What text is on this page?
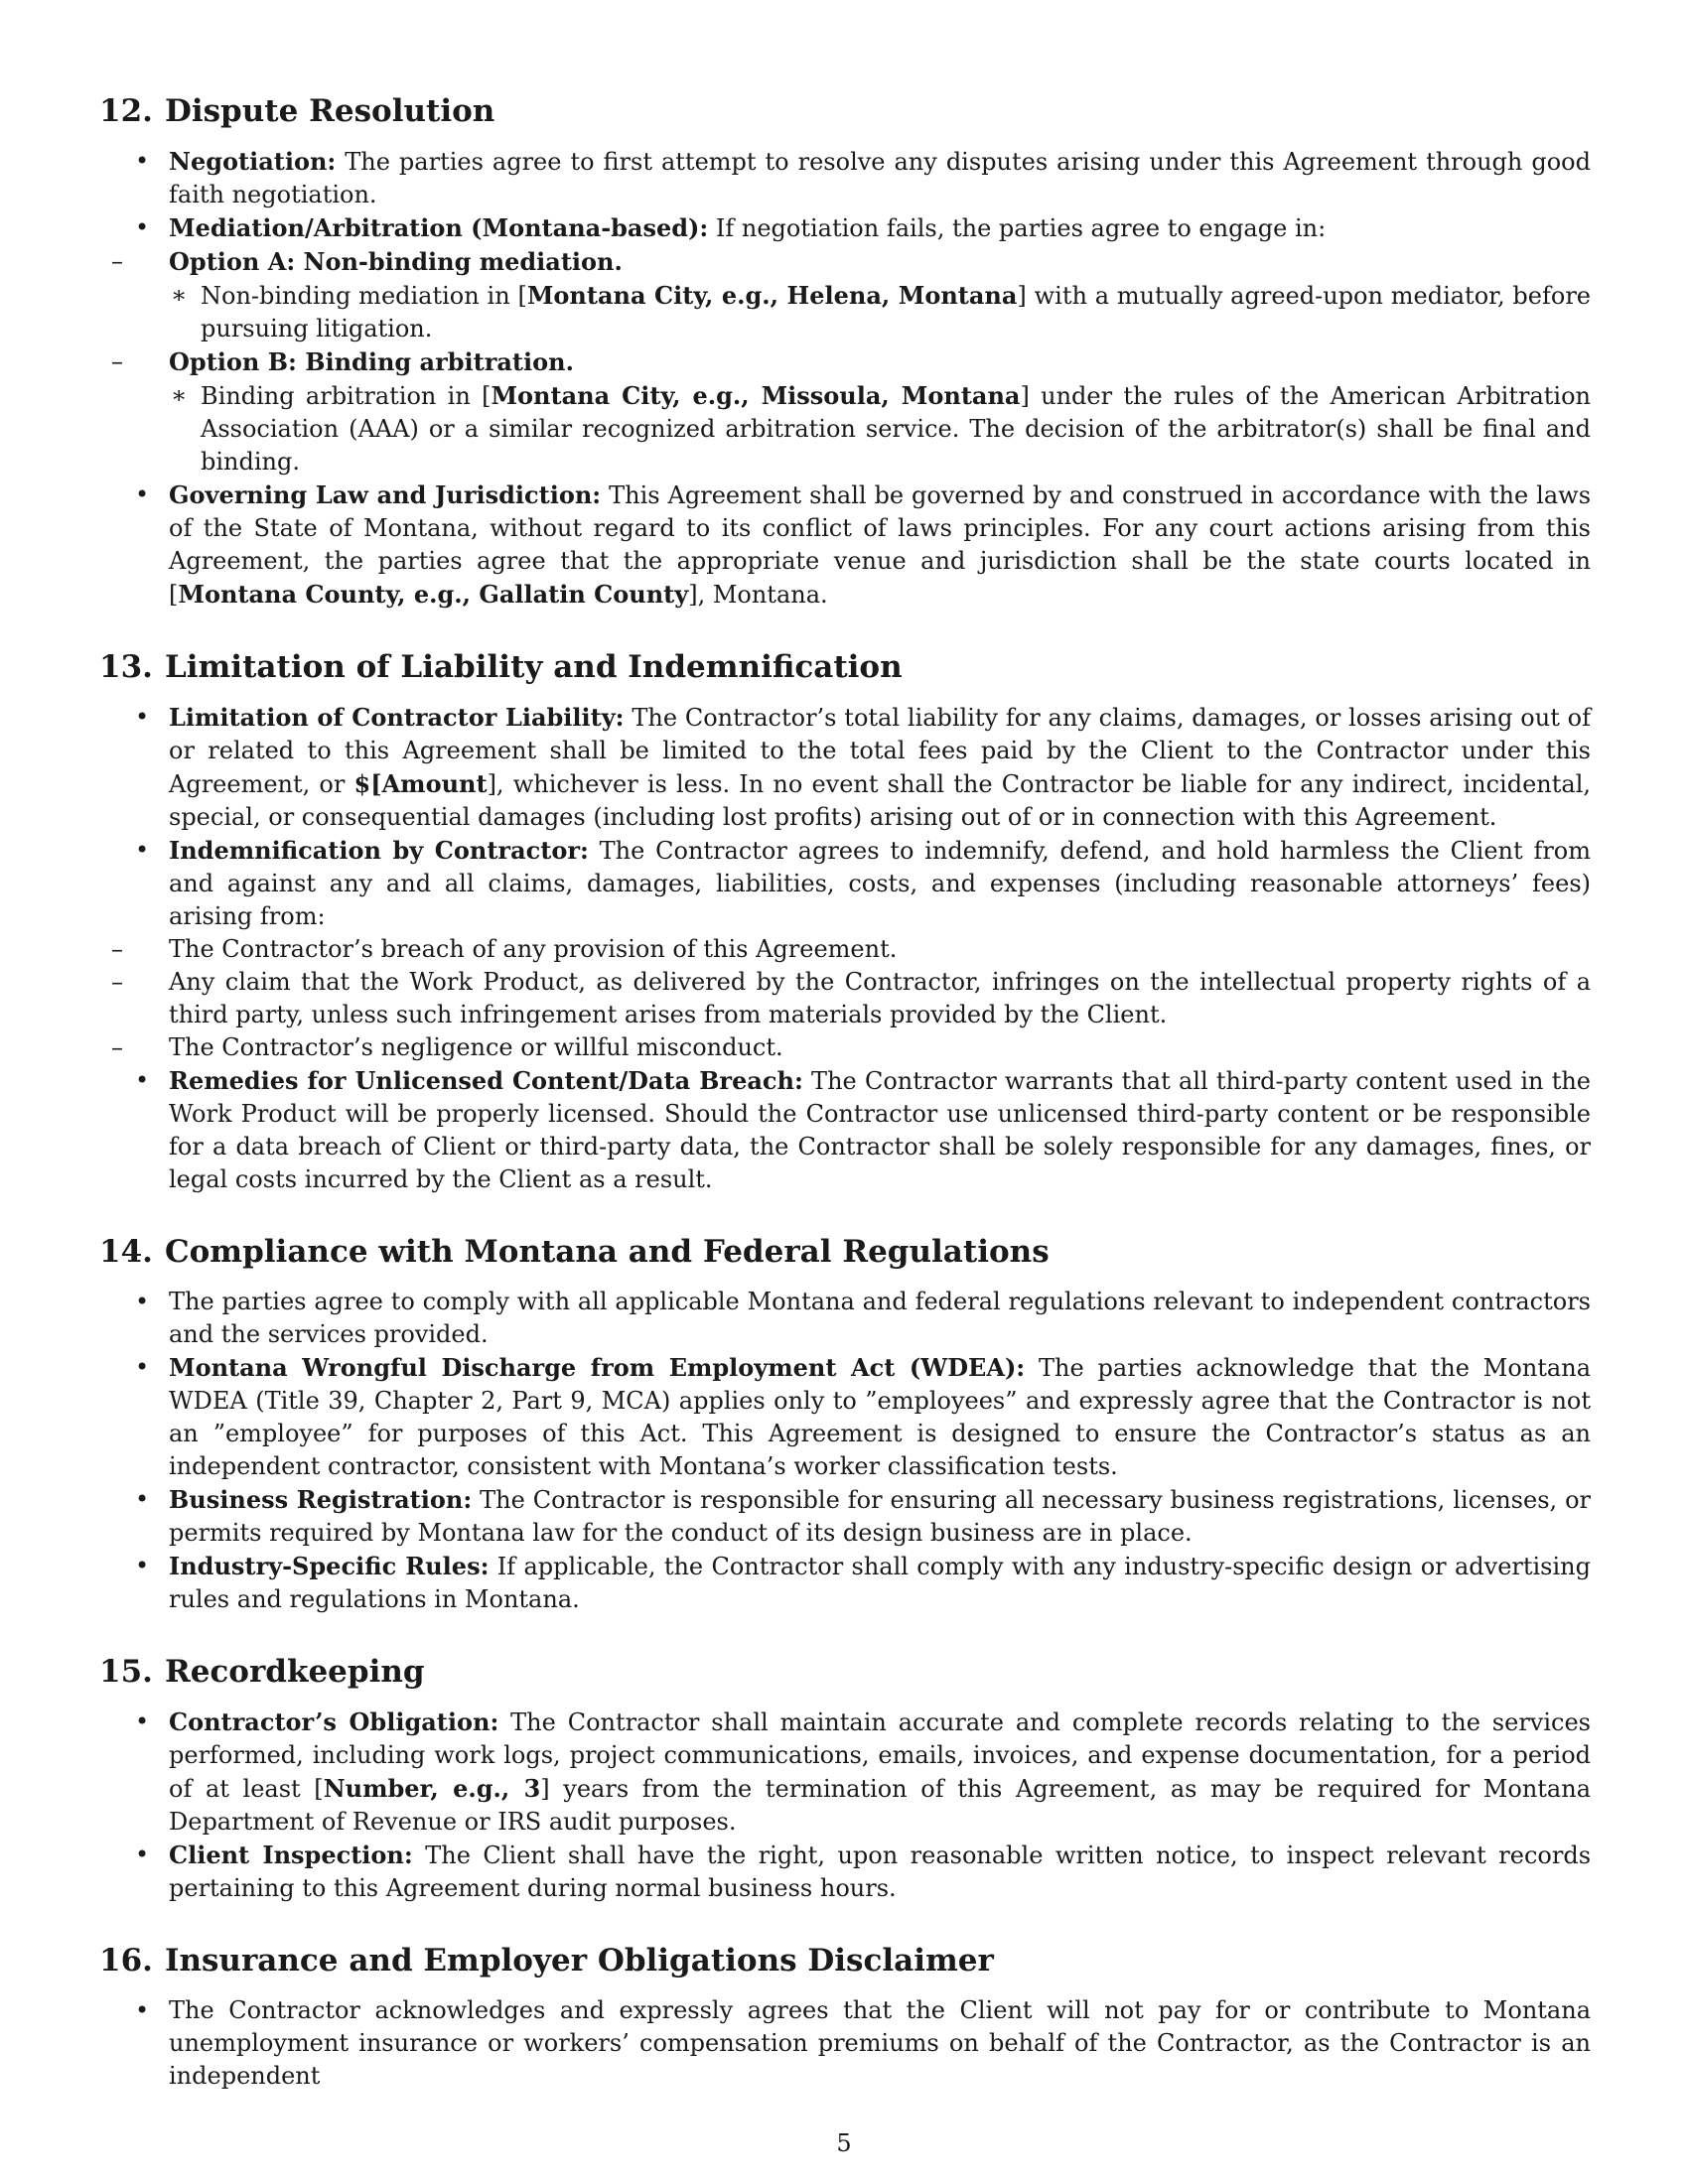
12. Dispute Resolution
• Negotiation: The parties agree to first attempt to resolve any disputes arising under this Agreement through good faith negotiation.

• Mediation/Arbitration (Montana-based): If negotiation fails, the parties agree to engage in:

– Option A: Non-binding mediation.

∗ Non-binding mediation in [Montana City, e.g., Helena, Montana] with a mutually agreed-upon mediator, before pursuing litigation.

– Option B: Binding arbitration.

∗ Binding arbitration in [Montana City, e.g., Missoula, Montana] under the rules of the American Arbitration Association (AAA) or a similar recognized arbitration service. The decision of the arbitrator(s) shall be final and binding.

• Governing Law and Jurisdiction: This Agreement shall be governed by and construed in accordance with the laws of the State of Montana, without regard to its conflict of laws principles. For any court actions arising from this Agreement, the parties agree that the appropriate venue and jurisdiction shall be the state courts located in [Montana County, e.g., Gallatin County], Montana.

13. Limitation of Liability and Indemnification
• Limitation of Contractor Liability: The Contractor’s total liability for any claims, damages, or losses arising out of or related to this Agreement shall be limited to the total fees paid by the Client to the Contractor under this Agreement, or $[Amount], whichever is less. In no event shall the Contractor be liable for any indirect, incidental, special, or consequential damages (including lost profits) arising out of or in connection with this Agreement.

• Indemnification by Contractor: The Contractor agrees to indemnify, defend, and hold harmless the Client from and against any and all claims, damages, liabilities, costs, and expenses (including reasonable attorneys’ fees) arising from:

– The Contractor’s breach of any provision of this Agreement.

– Any claim that the Work Product, as delivered by the Contractor, infringes on the intellectual property rights of a third party, unless such infringement arises from materials provided by the Client.

– The Contractor’s negligence or willful misconduct.

• Remedies for Unlicensed Content/Data Breach: The Contractor warrants that all third-party content used in the Work Product will be properly licensed. Should the Contractor use unlicensed third-party content or be responsible for a data breach of Client or third-party data, the Contractor shall be solely responsible for any damages, fines, or legal costs incurred by the Client as a result.

14. Compliance with Montana and Federal Regulations
• The parties agree to comply with all applicable Montana and federal regulations relevant to independent contractors and the services provided.

• Montana Wrongful Discharge from Employment Act (WDEA): The parties acknowledge that the Montana WDEA (Title 39, Chapter 2, Part 9, MCA) applies only to ”employees” and expressly agree that the Contractor is not an ”employee” for purposes of this Act. This Agreement is designed to ensure the Contractor’s status as an independent contractor, consistent with Montana’s worker classification tests.

• Business Registration: The Contractor is responsible for ensuring all necessary business registrations, licenses, or permits required by Montana law for the conduct of its design business are in place.

• Industry-Specific Rules: If applicable, the Contractor shall comply with any industry-specific design or advertising rules and regulations in Montana.

15. Recordkeeping
• Contractor’s Obligation: The Contractor shall maintain accurate and complete records relating to the services performed, including work logs, project communications, emails, invoices, and expense documentation, for a period of at least [Number, e.g., 3] years from the termination of this Agreement, as may be required for Montana Department of Revenue or IRS audit purposes.

• Client Inspection: The Client shall have the right, upon reasonable written notice, to inspect relevant records pertaining to this Agreement during normal business hours.

16. Insurance and Employer Obligations Disclaimer
• The Contractor acknowledges and expressly agrees that the Client will not pay for or contribute to Montana unemployment insurance or workers’ compensation premiums on behalf of the Contractor, as the Contractor is an independent

5
